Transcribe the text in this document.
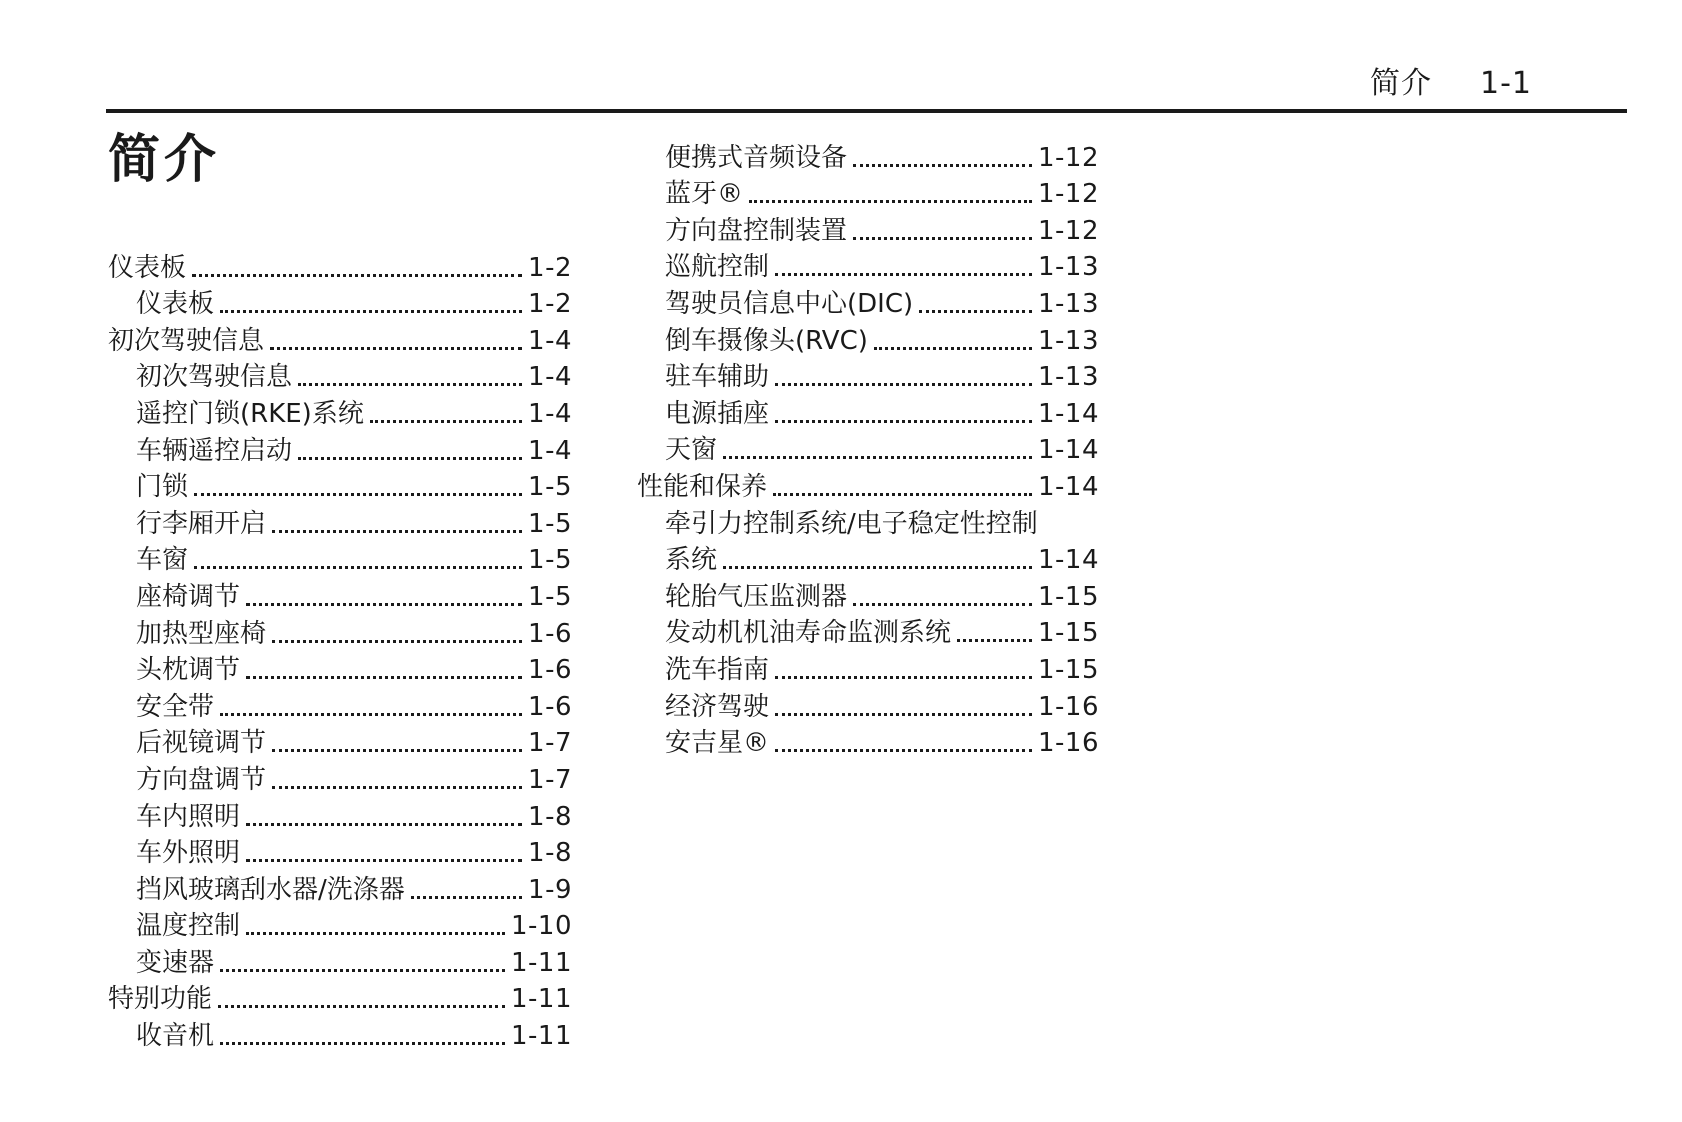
简介 1-1
简介
仪表板	1-2
仪表板	1-2
初次驾驶信息	1-4
初次驾驶信息	1-4
遥控门锁(RKE)系统	1-4
车辆遥控启动	1-4
门锁	1-5
行李厢开启	1-5
车窗	1-5
座椅调节	1-5
加热型座椅	1-6
头枕调节	1-6
安全带	1-6
后视镜调节	1-7
方向盘调节	1-7
车内照明	1-8
车外照明	1-8
挡风玻璃刮水器/洗涤器	1-9
温度控制	1-10
变速器	1-11
特别功能	1-11
收音机	1-11
便携式音频设备	1-12
蓝牙®	1-12
方向盘控制装置	1-12
巡航控制	1-13
驾驶员信息中心(DIC)	1-13
倒车摄像头(RVC)	1-13
驻车辅助	1-13
电源插座	1-14
天窗	1-14
性能和保养	1-14
牵引力控制系统/电子稳定性控制
系统	1-14
轮胎气压监测器	1-15
发动机机油寿命监测系统	1-15
洗车指南	1-15
经济驾驶	1-16
安吉星®	1-16
